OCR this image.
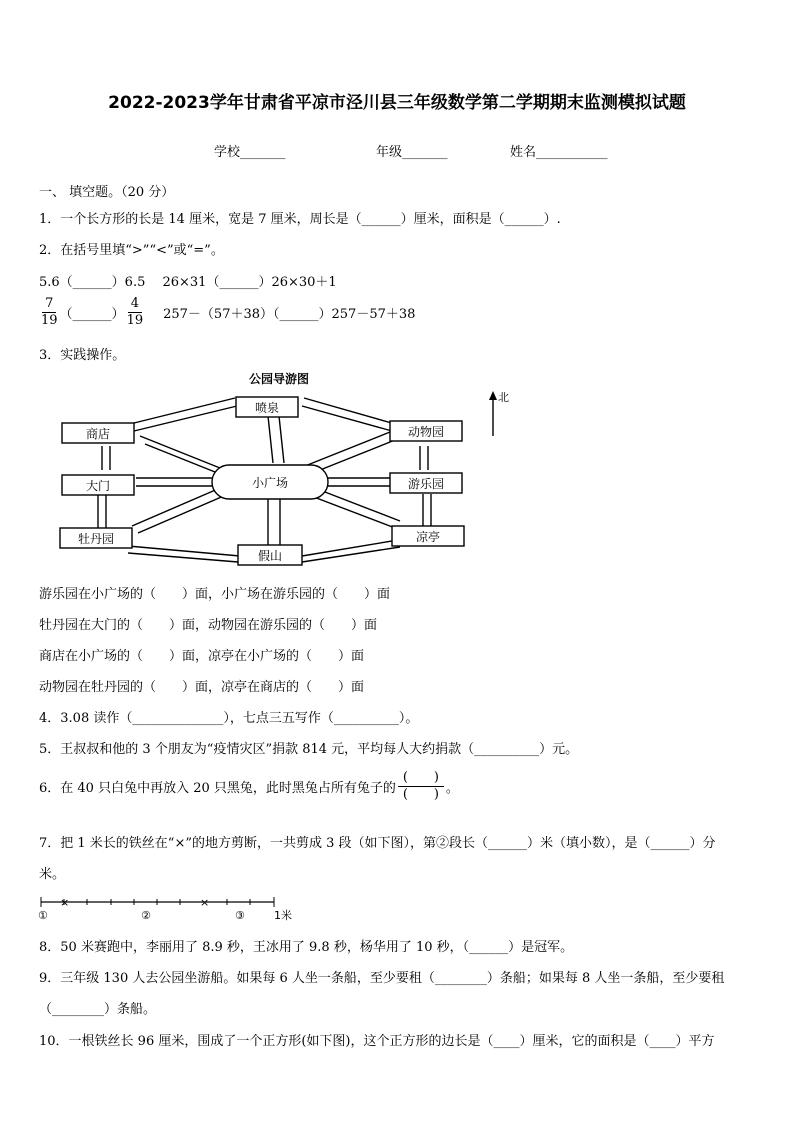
2022-2023学年甘肃省平凉市泾川县三年级数学第二学期期末监测模拟试题
学校_______	年级_______	姓名___________
一、 填空题。（20 分）
1．一个长方形的长是 14 厘米，宽是 7 厘米，周长是（______）厘米，面积是（______）.
2．在括号里填“>”“<”或“=”。
5.6（______）6.5　 26×31（______）26×30＋1
$\frac{7}{19}$ （______） $\frac{4}{19}$ 257－（57＋38）（______）257－57＋38
3．实践操作。
公园导游图
喷泉
商店	动物园
大门	小广场	游乐园
牡丹园	凉亭
假山
北
游乐园在小广场的（　　）面，小广场在游乐园的（　　）面
牡丹园在大门的（　　）面，动物园在游乐园的（　　）面
商店在小广场的（　　）面，凉亭在小广场的（　　）面
动物园在牡丹园的（　　）面，凉亭在商店的（　　）面
4．3.08 读作（______________），七点三五写作（__________）。
5．王叔叔和他的 3 个朋友为“疫情灾区”捐款 814 元，平均每人大约捐款（__________）元。
6．在 40 只白兔中再放入 20 只黑兔，此时黑兔占所有兔子的 $\frac{( )}{( )}$ 。
7．把 1 米长的铁丝在“×”的地方剪断，一共剪成 3 段（如下图），第②段长（______）米（填小数），是（______）分
米。
×	×
①	②	③	1米
8．50 米赛跑中，李丽用了 8.9 秒，王冰用了 9.8 秒，杨华用了 10 秒，（______）是冠军。
9．三年级 130 人去公园坐游船。如果每 6 人坐一条船，至少要租（________）条船；如果每 8 人坐一条船，至少要租
（________）条船。
10．一根铁丝长 96 厘米，围成了一个正方形(如下图)，这个正方形的边长是（____）厘米，它的面积是（____）平方
